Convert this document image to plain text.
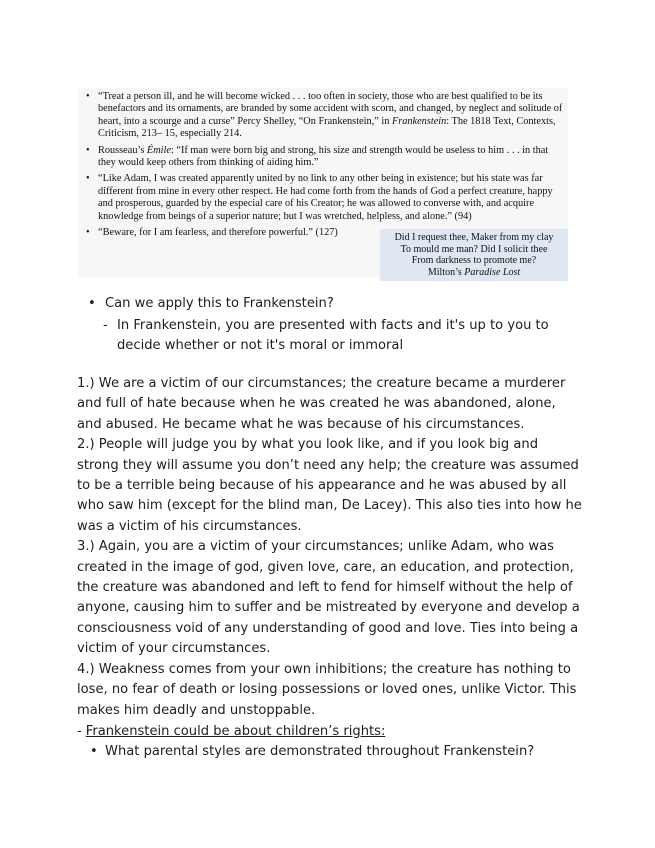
• “Treat a person ill, and he will become wicked . . . too often in society, those who are best qualified to be its benefactors and its ornaments, are branded by some accident with scorn, and changed, by neglect and solitude of heart, into a scourge and a curse” Percy Shelley, “On Frankenstein,” in Frankenstein: The 1818 Text, Contexts, Criticism, 213– 15, especially 214.
• Rousseau’s Émile: “If man were born big and strong, his size and strength would be useless to him . . . in that they would keep others from thinking of aiding him.”
• “Like Adam, I was created apparently united by no link to any other being in existence; but his state was far different from mine in every other respect. He had come forth from the hands of God a perfect creature, happy and prosperous, guarded by the especial care of his Creator; he was allowed to converse with, and acquire knowledge from beings of a superior nature; but I was wretched, helpless, and alone.” (94)
• “Beware, for I am fearless, and therefore powerful.” (127)	Did I request thee, Maker from my clay
To mould me man? Did I solicit thee
From darkness to promote me?
Milton’s Paradise Lost
• Can we apply this to Frankenstein?
- In Frankenstein, you are presented with facts and it's up to you to decide whether or not it's moral or immoral

1.) We are a victim of our circumstances; the creature became a murderer and full of hate because when he was created he was abandoned, alone, and abused. He became what he was because of his circumstances.

2.) People will judge you by what you look like, and if you look big and strong they will assume you don’t need any help; the creature was assumed to be a terrible being because of his appearance and he was abused by all who saw him (except for the blind man, De Lacey). This also ties into how he was a victim of his circumstances.

3.) Again, you are a victim of your circumstances; unlike Adam, who was created in the image of god, given love, care, an education, and protection, the creature was abandoned and left to fend for himself without the help of anyone, causing him to suffer and be mistreated by everyone and develop a consciousness void of any understanding of good and love. Ties into being a victim of your circumstances.

4.) Weakness comes from your own inhibitions; the creature has nothing to lose, no fear of death or losing possessions or loved ones, unlike Victor. This makes him deadly and unstoppable.

- Frankenstein could be about children’s rights:
• What parental styles are demonstrated throughout Frankenstein?
